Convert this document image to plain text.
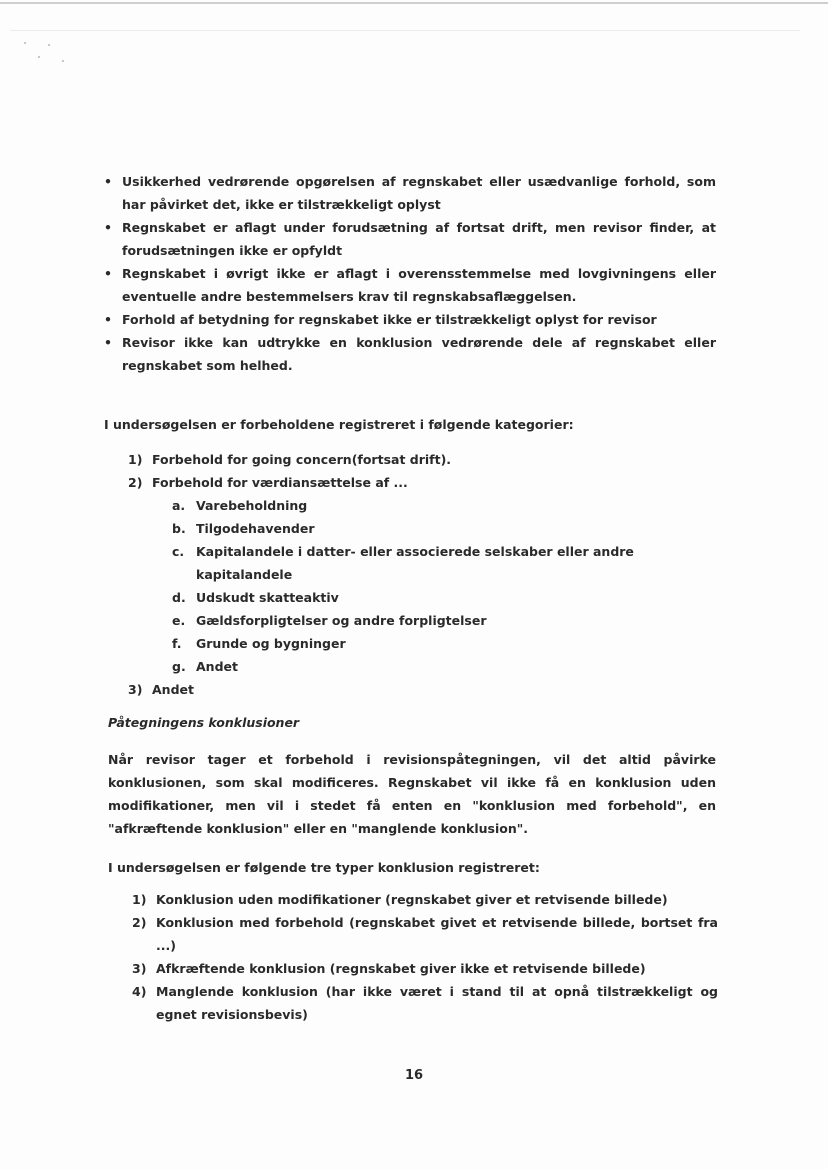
• Usikkerhed vedrørende opgørelsen af regnskabet eller usædvanlige forhold, som har påvirket det, ikke er tilstrækkeligt oplyst
• Regnskabet er aflagt under forudsætning af fortsat drift, men revisor finder, at forudsætningen ikke er opfyldt
• Regnskabet i øvrigt ikke er aflagt i overensstemmelse med lovgivningens eller eventuelle andre bestemmelsers krav til regnskabsaflæggelsen.
• Forhold af betydning for regnskabet ikke er tilstrækkeligt oplyst for revisor
• Revisor ikke kan udtrykke en konklusion vedrørende dele af regnskabet eller regnskabet som helhed.

I undersøgelsen er forbeholdene registreret i følgende kategorier:

1) Forbehold for going concern(fortsat drift).
2) Forbehold for værdiansættelse af ...
a. Varebeholdning
b. Tilgodehavender
c. Kapitalandele i datter- eller associerede selskaber eller andre kapitalandele
d. Udskudt skatteaktiv
e. Gældsforpligtelser og andre forpligtelser
f. Grunde og bygninger
g. Andet
3) Andet
Påtegningens konklusioner

Når revisor tager et forbehold i revisionspåtegningen, vil det altid påvirke konklusionen, som skal modificeres. Regnskabet vil ikke få en konklusion uden modifikationer, men vil i stedet få enten en "konklusion med forbehold", en "afkræftende konklusion" eller en "manglende konklusion".

I undersøgelsen er følgende tre typer konklusion registreret:

1) Konklusion uden modifikationer (regnskabet giver et retvisende billede)
2) Konklusion med forbehold (regnskabet givet et retvisende billede, bortset fra ...)
3) Afkræftende konklusion (regnskabet giver ikke et retvisende billede)
4) Manglende konklusion (har ikke været i stand til at opnå tilstrækkeligt og egnet revisionsbevis)
16
